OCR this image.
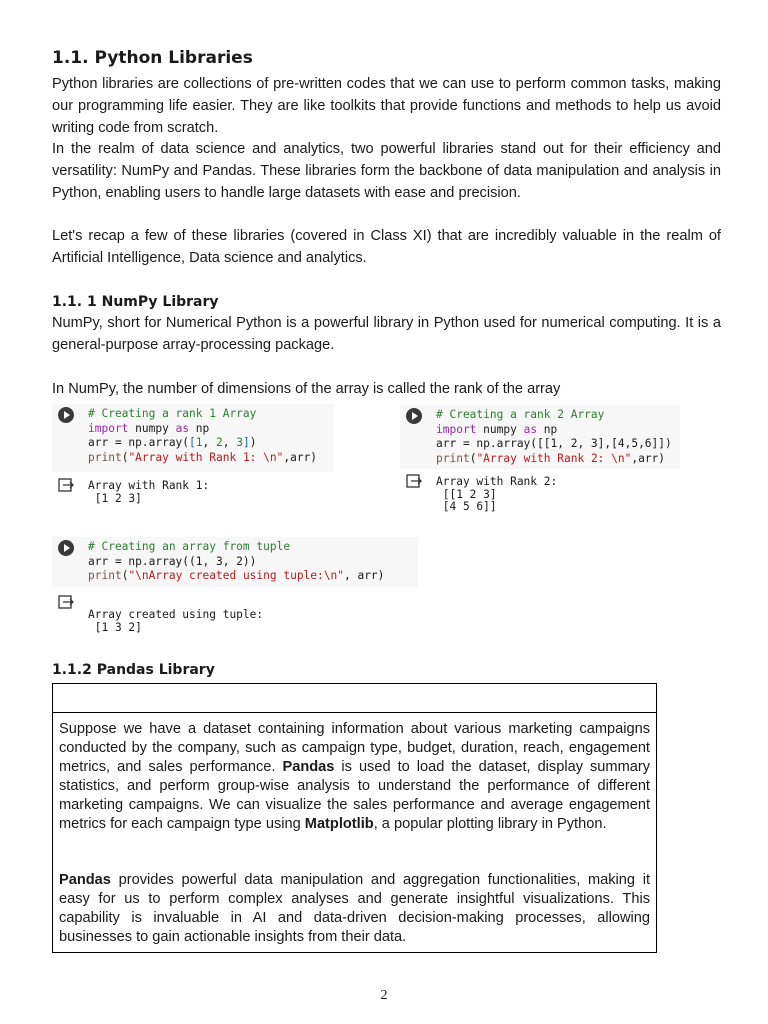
1.1. Python Libraries

Python libraries are collections of pre-written codes that we can use to perform common tasks, making our programming life easier. They are like toolkits that provide functions and methods to help us avoid writing code from scratch.

In the realm of data science and analytics, two powerful libraries stand out for their efficiency and versatility: NumPy and Pandas. These libraries form the backbone of data manipulation and analysis in Python, enabling users to handle large datasets with ease and precision.

Let's recap a few of these libraries (covered in Class XI) that are incredibly valuable in the realm of Artificial Intelligence, Data science and analytics.

1.1. 1 NumPy Library

NumPy, short for Numerical Python is a powerful library in Python used for numerical computing. It is a general-purpose array-processing package.

In NumPy, the number of dimensions of the array is called the rank of the array

# Creating a rank 1 Array
import numpy as np
arr = np.array([1, 2, 3])
print("Array with Rank 1: \n",arr)
Array with Rank 1:
[1 2 3]
# Creating a rank 2 Array
import numpy as np
arr = np.array([[1, 2, 3],[4,5,6]])
print("Array with Rank 2: \n",arr)
Array with Rank 2:
[[1 2 3]
[4 5 6]]
# Creating an array from tuple
arr = np.array((1, 3, 2))
print("\nArray created using tuple:\n", arr)
Array created using tuple:
[1 3 2]
1.1.2 Pandas Library

Suppose we have a dataset containing information about various marketing campaigns conducted by the company, such as campaign type, budget, duration, reach, engagement metrics, and sales performance. Pandas is used to load the dataset, display summary statistics, and perform group-wise analysis to understand the performance of different marketing campaigns. We can visualize the sales performance and average engagement metrics for each campaign type using Matplotlib, a popular plotting library in Python.

Pandas provides powerful data manipulation and aggregation functionalities, making it easy for us to perform complex analyses and generate insightful visualizations. This capability is invaluable in AI and data-driven decision-making processes, allowing businesses to gain actionable insights from their data.

2
